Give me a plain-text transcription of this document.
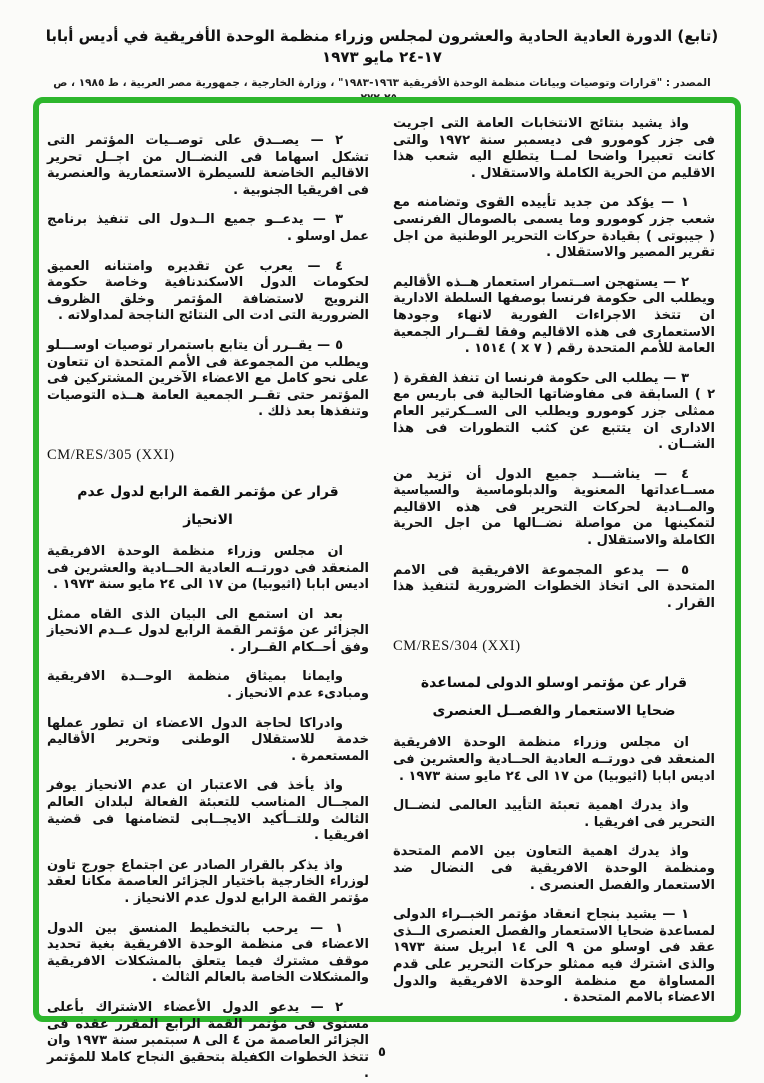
(تابع) الدورة العادية الحادية والعشرون لمجلس وزراء منظمة الوحدة الأفريقية في أديس أبابا ١٧-٢٤ مايو ١٩٧٣
المصدر : "قرارات وتوصيات وبيانات منظمة الوحدة الأفريقية ١٩٦٣-١٩٨٣" ، وزارة الخارجية ، جمهورية مصر العربية ، ط ١٩٨٥ ، ص ٢٥٠-٢٧٢
واذ يشيد بنتائج الانتخابات العامة التى اجريت فى جزر كومورو فى ديسمبر سنة ١٩٧٢ والتى كانت تعبيرا واضحا لمــا يتطلع اليه شعب هذا الاقليم من الحرية الكاملة والاستقلال .
١ — يؤكد من جديد تأييده القوى وتضامنه مع شعب جزر كومورو وما يسمى بالصومال الفرنسى ( جيبوتى ) بقيادة حركات التحرير الوطنية من اجل تقرير المصير والاستقلال .
٢ — يستهجن اســتمرار استعمار هــذه الأقاليم ويطلب الى حكومة فرنسا بوصفها السلطة الادارية ان تتخذ الاجراءات الفورية لانهاء وجودها الاستعمارى فى هذه الاقاليم وفقا لقــرار الجمعية العامة للأمم المتحدة رقم ( ٧ x ) ١٥١٤ .
٣ — يطلب الى حكومة فرنسا ان تنفذ الفقرة ( ٢ ) السابقة فى مفاوضاتها الحالية فى باريس مع ممثلى جزر كومورو ويطلب الى الســكرتير العام الادارى ان يتتبع عن كثب التطورات فى هذا الشــان .
٤ — يناشـــد جميع الدول أن تزيد من مســاعداتها المعنوية والدبلوماسية والسياسية والمــادية لحركات التحرير فى هذه الاقاليم لتمكينها من مواصلة نضــالها من اجل الحرية الكاملة والاستقلال .
٥ — يدعو المجموعة الافريقية فى الامم المتحدة الى اتخاذ الخطوات الضرورية لتنفيذ هذا القرار .
CM/RES/304 (XXI)
قرار عن مؤتمر اوسلو الدولى لمساعدة ضحايا الاستعمار والفصــل العنصرى
ان مجلس وزراء منظمة الوحدة الافريقية المنعقد فى دورتــه العادية الحــادية والعشرين فى اديس ابابا (اثيوبيا) من ١٧ الى ٢٤ مايو سنة ١٩٧٣ .
واذ يدرك اهمية تعبئة التأييد العالمى لنضــال التحرير فى افريقيا .
واذ يدرك اهمية التعاون بين الامم المتحدة ومنظمة الوحدة الافريقية فى النضال ضد الاستعمار والفصل العنصرى .
١ — يشيد بنجاح انعقاد مؤتمر الخبــراء الدولى لمساعدة ضحايا الاستعمار والفصل العنصرى الــذى عقد فى اوسلو من ٩ الى ١٤ ابريل سنة ١٩٧٣ والذى اشترك فيه ممثلو حركات التحرير على قدم المساواة مع منظمة الوحدة الافريقية والدول الاعضاء بالامم المتحدة .
٢ — يصــدق على توصــيات المؤتمر التى تشكل اسهاما فى النضــال من اجــل تحرير الاقاليم الخاضعة للسيطرة الاستعمارية والعنصرية فى افريقيا الجنوبية .
٣ — يدعــو جميع الــدول الى تنفيذ برنامج عمل اوسلو .
٤ — يعرب عن تقديره وامتنانه العميق لحكومات الدول الاسكندنافية وخاصة حكومة النرويج لاستضافة المؤتمر وخلق الظروف الضرورية التى ادت الى النتائج الناجحة لمداولاته .
٥ — يقــرر أن يتابع باستمرار توصيات اوســـلو ويطلب من المجموعة فى الأمم المتحدة ان تتعاون على نحو كامل مع الاعضاء الآخرين المشتركين فى المؤتمر حتى تقــر الجمعية العامة هــذه التوصيات وتنفذها بعد ذلك .
CM/RES/305 (XXI)
قرار عن مؤتمر القمة الرابع لدول عدم الانحياز
ان مجلس وزراء منظمة الوحدة الافريقية المنعقد فى دورتــه العادية الحــادية والعشرين فى اديس ابابا (اثيوبيا) من ١٧ الى ٢٤ مايو سنة ١٩٧٣ .
بعد ان استمع الى البيان الذى القاه ممثل الجزائر عن مؤتمر القمة الرابع لدول عــدم الانحياز وفق أحــكام القــرار .
وايمانا بميثاق منظمة الوحــدة الافريقية ومبادىء عدم الانحياز .
وادراكا لحاجة الدول الاعضاء ان تطور عملها خدمة للاستقلال الوطنى وتحرير الأقاليم المستعمرة .
واذ يأخذ فى الاعتبار ان عدم الانحياز يوفر المجــال المناسب للتعبئة الفعالة لبلدان العالم الثالث وللتــأكيد الايجــابى لتضامنها فى قضية افريقيا .
واذ يذكر بالقرار الصادر عن اجتماع جورج تاون لوزراء الخارجية باختيار الجزائر العاصمة مكانا لعقد مؤتمر القمة الرابع لدول عدم الانحياز .
١ — يرحب بالتخطيط المنسق بين الدول الاعضاء فى منظمة الوحدة الافريقية بغية تحديد موقف مشترك فيما يتعلق بالمشكلات الافريقية والمشكلات الخاصة بالعالم الثالث .
٢ — يدعو الدول الأعضاء الاشتراك بأعلى مستوى فى مؤتمر القمة الرابع المقرر عقده فى الجزائر العاصمة من ٤ الى ٨ سبتمبر سنة ١٩٧٣ وان تتخذ الخطوات الكفيلة بتحقيق النجاح كاملا للمؤتمر .
٥
